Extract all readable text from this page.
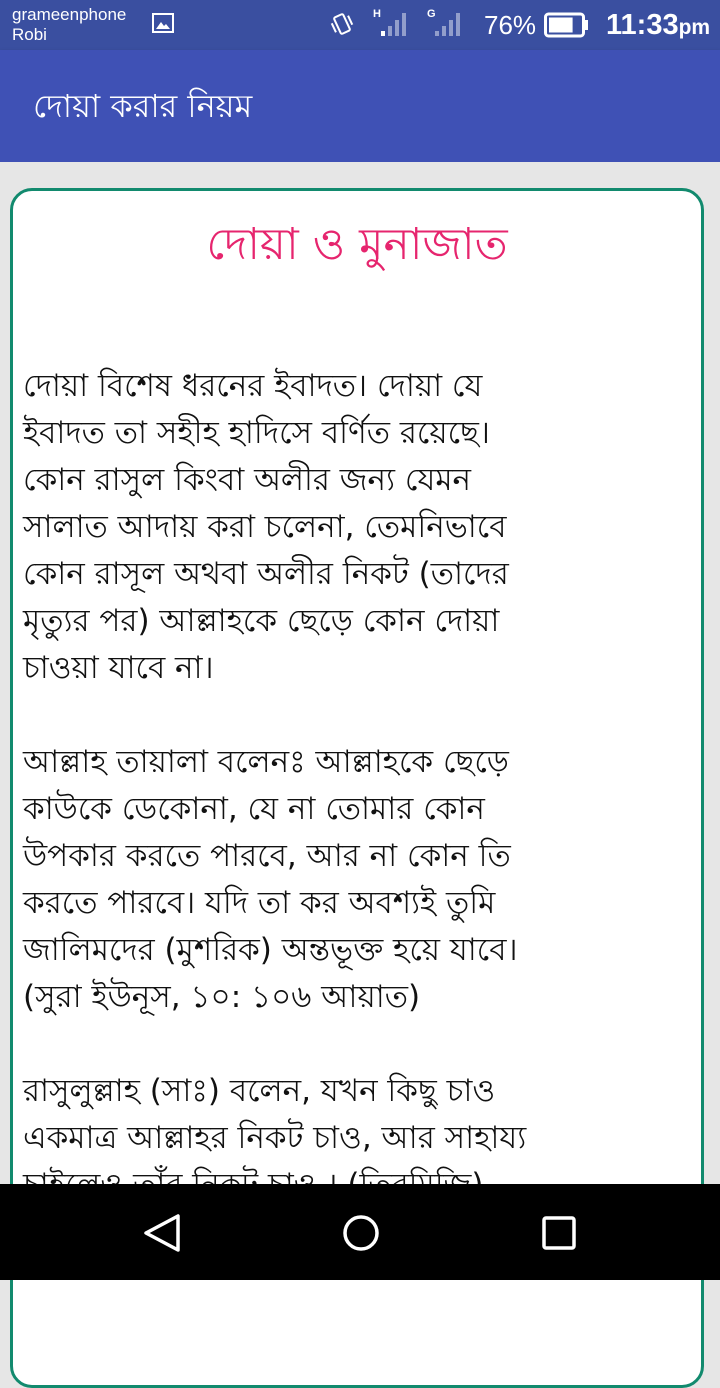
grameenphone
Robi
H	G 76% 11:33pm
দোয়া করার নিয়ম
দোয়া ও মুনাজাত
দোয়া বিশেষ ধরনের ইবাদত। দোয়া যে
ইবাদত তা সহীহ হাদিসে বর্ণিত রয়েছে।
কোন রাসুল কিংবা অলীর জন্য যেমন
সালাত আদায় করা চলেনা, তেমনিভাবে
কোন রাসূল অথবা অলীর নিকট (তাদের
মৃত্যুর পর) আল্লাহকে ছেড়ে কোন দোয়া
চাওয়া যাবে না।
আল্লাহ তায়ালা বলেনঃ আল্লাহকে ছেড়ে
কাউকে ডেকোনা, যে না তোমার কোন
উপকার করতে পারবে, আর না কোন তি
করতে পারবে। যদি তা কর অবশ্যই তুমি
জালিমদের (মুশরিক) অন্তভূক্ত হয়ে যাবে।
(সুরা ইউনূস, ১০: ১০৬ আয়াত)
রাসুলুল্লাহ (সাঃ) বলেন, যখন কিছু চাও
একমাত্র আল্লাহর নিকট চাও, আর সাহায্য
